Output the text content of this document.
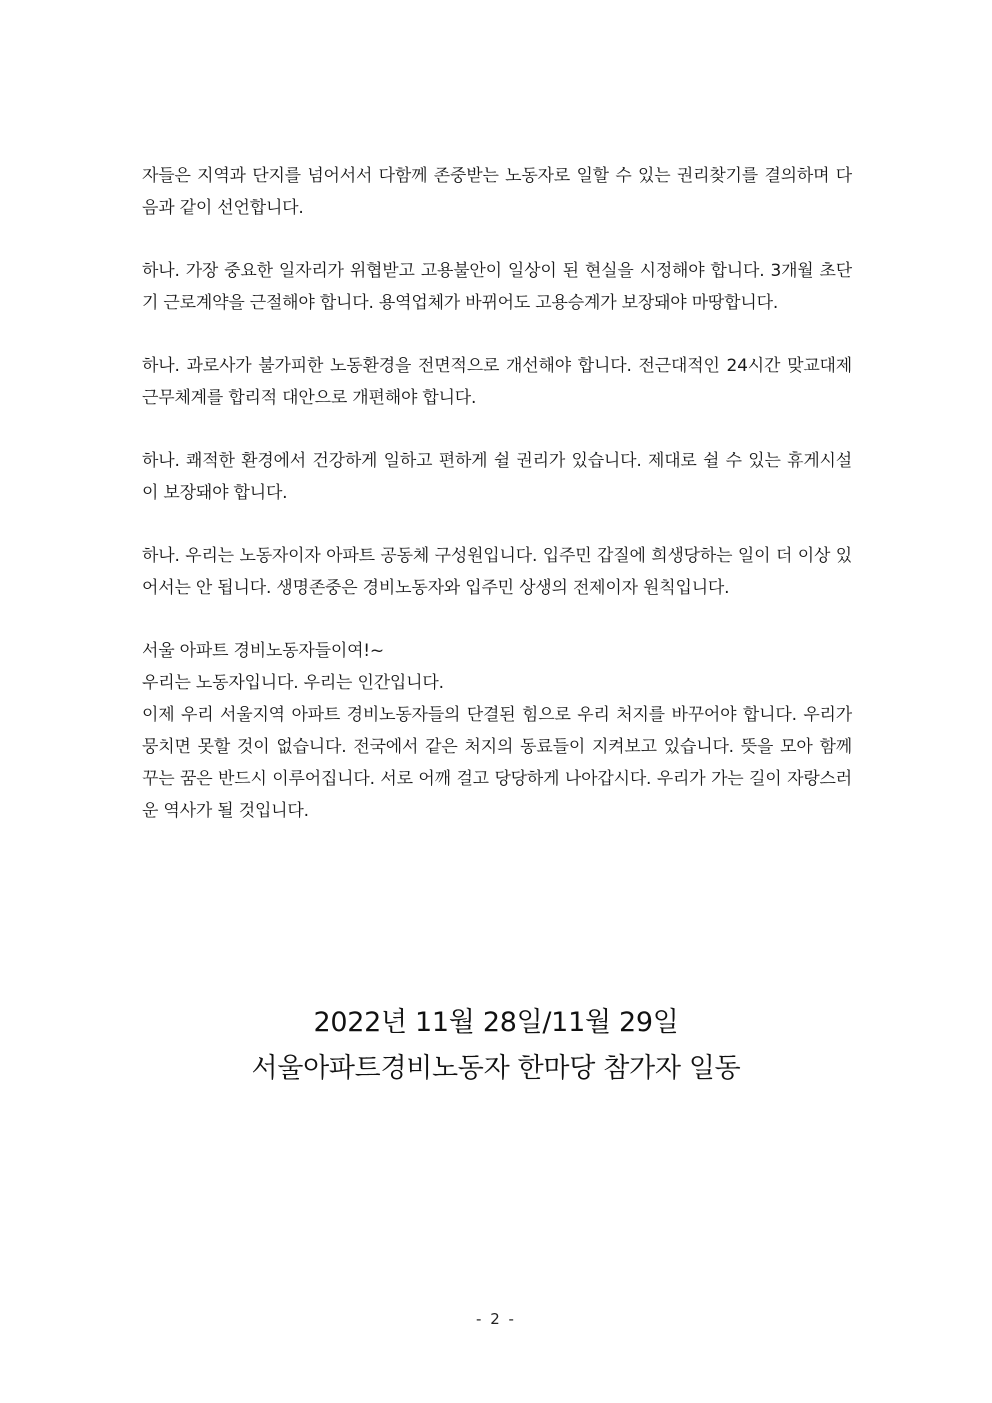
자들은 지역과 단지를 넘어서서 다함께 존중받는 노동자로 일할 수 있는 권리찾기를 결의하며 다음과 같이 선언합니다.

하나. 가장 중요한 일자리가 위협받고 고용불안이 일상이 된 현실을 시정해야 합니다. 3개월 초단기 근로계약을 근절해야 합니다. 용역업체가 바뀌어도 고용승계가 보장돼야 마땅합니다.

하나. 과로사가 불가피한 노동환경을 전면적으로 개선해야 합니다. 전근대적인 24시간 맞교대제 근무체계를 합리적 대안으로 개편해야 합니다.

하나. 쾌적한 환경에서 건강하게 일하고 편하게 쉴 권리가 있습니다. 제대로 쉴 수 있는 휴게시설이 보장돼야 합니다.

하나. 우리는 노동자이자 아파트 공동체 구성원입니다. 입주민 갑질에 희생당하는 일이 더 이상 있어서는 안 됩니다. 생명존중은 경비노동자와 입주민 상생의 전제이자 원칙입니다.

서울 아파트 경비노동자들이여!~
우리는 노동자입니다. 우리는 인간입니다.
이제 우리 서울지역 아파트 경비노동자들의 단결된 힘으로 우리 처지를 바꾸어야 합니다. 우리가 뭉치면 못할 것이 없습니다. 전국에서 같은 처지의 동료들이 지켜보고 있습니다. 뜻을 모아 함께 꾸는 꿈은 반드시 이루어집니다. 서로 어깨 걸고 당당하게 나아갑시다. 우리가 가는 길이 자랑스러운 역사가 될 것입니다.
2022년 11월 28일/11월 29일
서울아파트경비노동자 한마당 참가자 일동
- 2 -
